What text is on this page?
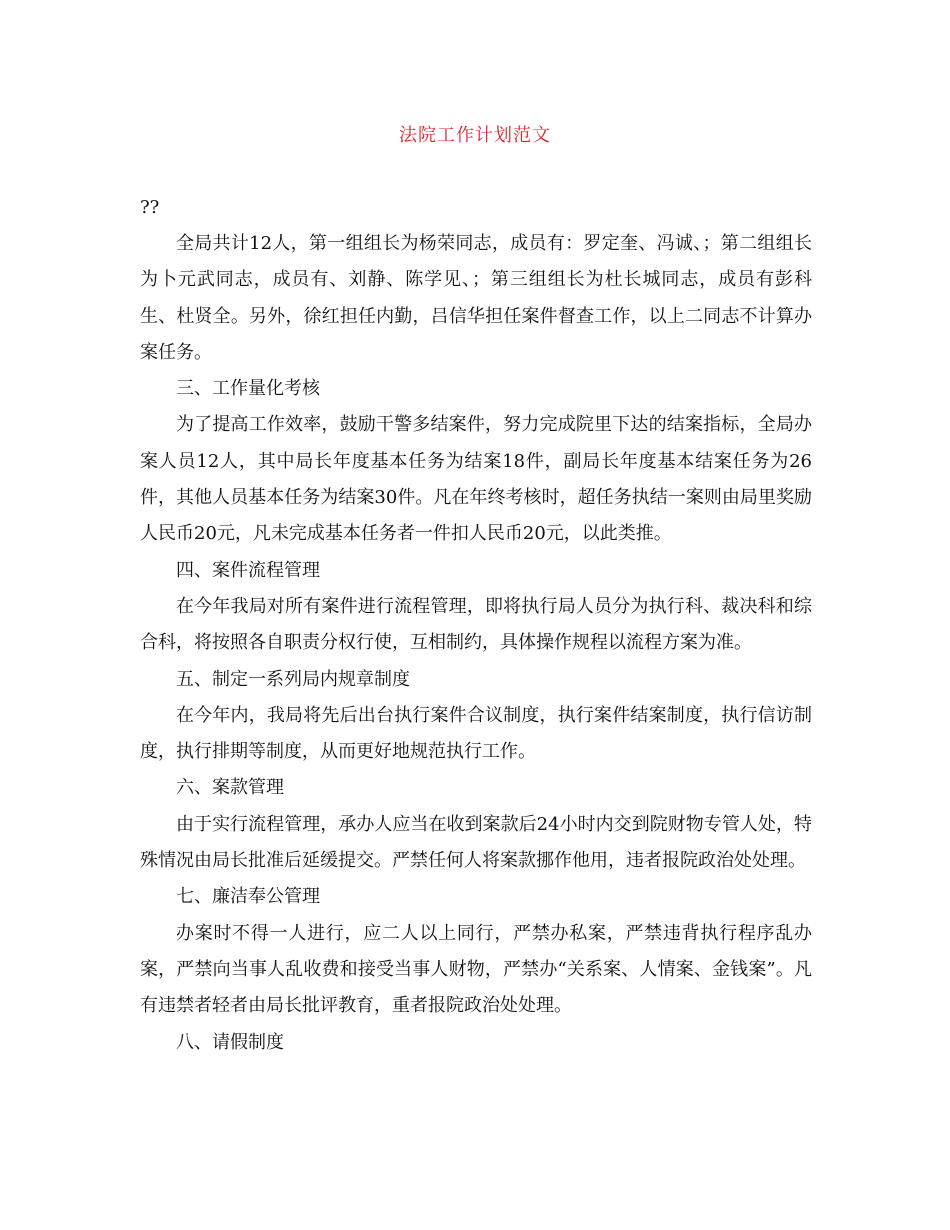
法院工作计划范文
??

全局共计12人，第一组组长为杨荣同志，成员有：罗定奎、冯诚、；第二组组长为卜元武同志，成员有、刘静、陈学见、；第三组组长为杜长城同志，成员有彭科生、杜贤全。另外，徐红担任内勤，吕信华担任案件督查工作，以上二同志不计算办案任务。

三、工作量化考核

为了提高工作效率，鼓励干警多结案件，努力完成院里下达的结案指标，全局办案人员12人，其中局长年度基本任务为结案18件，副局长年度基本结案任务为26件，其他人员基本任务为结案30件。凡在年终考核时，超任务执结一案则由局里奖励人民币20元，凡未完成基本任务者一件扣人民币20元，以此类推。

四、案件流程管理

在今年我局对所有案件进行流程管理，即将执行局人员分为执行科、裁决科和综合科，将按照各自职责分权行使，互相制约，具体操作规程以流程方案为准。

五、制定一系列局内规章制度

在今年内，我局将先后出台执行案件合议制度，执行案件结案制度，执行信访制度，执行排期等制度，从而更好地规范执行工作。

六、案款管理

由于实行流程管理，承办人应当在收到案款后24小时内交到院财物专管人处，特殊情况由局长批准后延缓提交。严禁任何人将案款挪作他用，违者报院政治处处理。

七、廉洁奉公管理

办案时不得一人进行，应二人以上同行，严禁办私案，严禁违背执行程序乱办案，严禁向当事人乱收费和接受当事人财物，严禁办“关系案、人情案、金钱案”。凡有违禁者轻者由局长批评教育，重者报院政治处处理。

八、请假制度
